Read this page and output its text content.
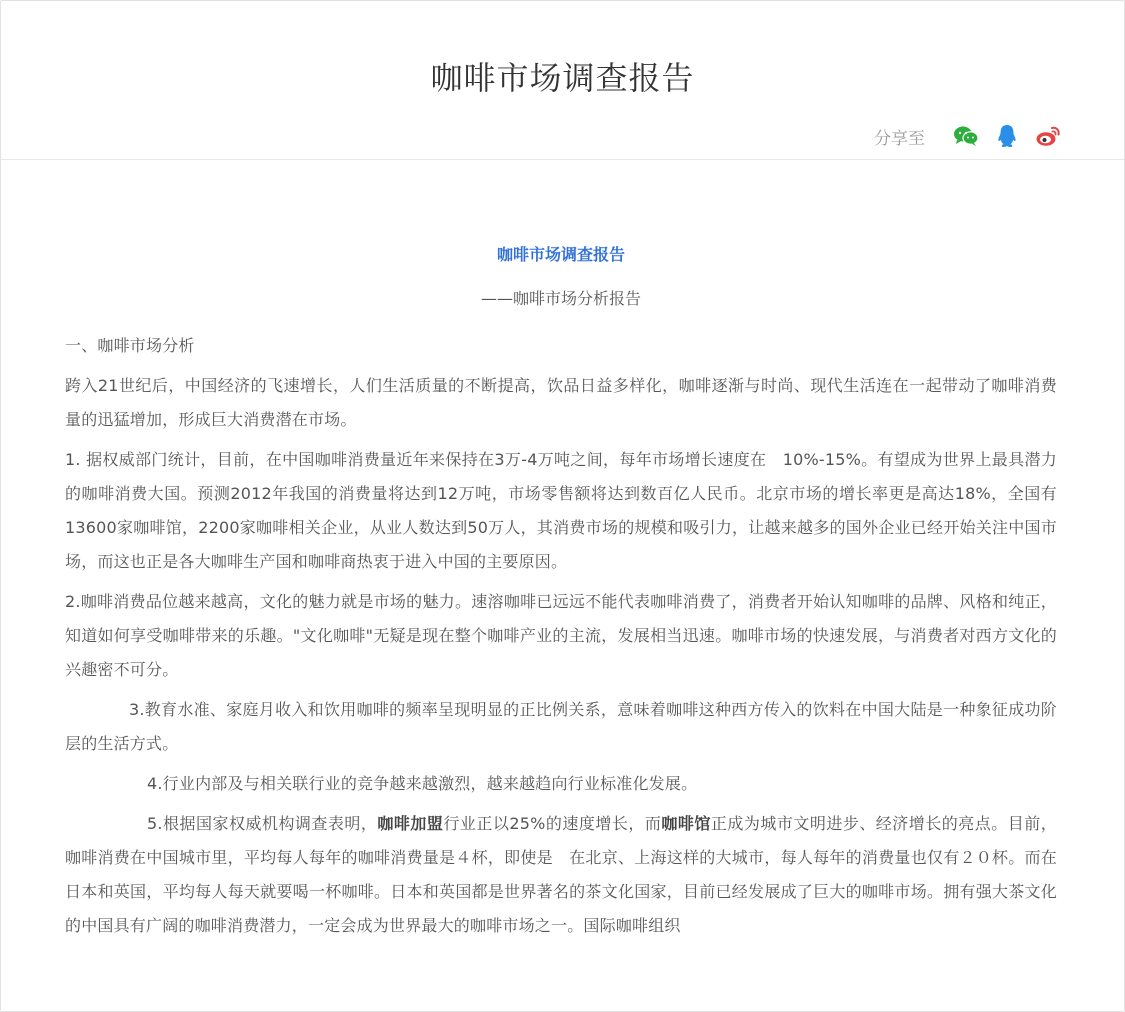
咖啡市场调查报告
分享至

咖啡市场调查报告

——咖啡市场分析报告

一、咖啡市场分析

跨入21世纪后，中国经济的飞速增长，人们生活质量的不断提高，饮品日益多样化，咖啡逐渐与时尚、现代生活连在一起带动了咖啡消费量的迅猛增加，形成巨大消费潜在市场。

1. 据权威部门统计，目前，在中国咖啡消费量近年来保持在3万-4万吨之间，每年市场增长速度在　10%-15%。有望成为世界上最具潜力的咖啡消费大国。预测2012年我国的消费量将达到12万吨，市场零售额将达到数百亿人民币。北京市场的增长率更是高达18%，全国有13600家咖啡馆，2200家咖啡相关企业，从业人数达到50万人，其消费市场的规模和吸引力，让越来越多的国外企业已经开始关注中国市场，而这也正是各大咖啡生产国和咖啡商热衷于进入中国的主要原因。

2.咖啡消费品位越来越高，文化的魅力就是市场的魅力。速溶咖啡已远远不能代表咖啡消费了，消费者开始认知咖啡的品牌、风格和纯正，知道如何享受咖啡带来的乐趣。"文化咖啡"无疑是现在整个咖啡产业的主流，发展相当迅速。咖啡市场的快速发展，与消费者对西方文化的兴趣密不可分。

3.教育水准、家庭月收入和饮用咖啡的频率呈现明显的正比例关系，意味着咖啡这种西方传入的饮料在中国大陆是一种象征成功阶层的生活方式。

4.行业内部及与相关联行业的竞争越来越激烈，越来越趋向行业标准化发展。

5.根据国家权威机构调查表明，咖啡加盟行业正以25%的速度增长，而咖啡馆正成为城市文明进步、经济增长的亮点。目前，咖啡消费在中国城市里，平均每人每年的咖啡消费量是４杯，即使是　在北京、上海这样的大城市，每人每年的消费量也仅有２０杯。而在日本和英国，平均每人每天就要喝一杯咖啡。日本和英国都是世界著名的茶文化国家，目前已经发展成了巨大的咖啡市场。拥有强大茶文化的中国具有广阔的咖啡消费潜力，一定会成为世界最大的咖啡市场之一。国际咖啡组织
